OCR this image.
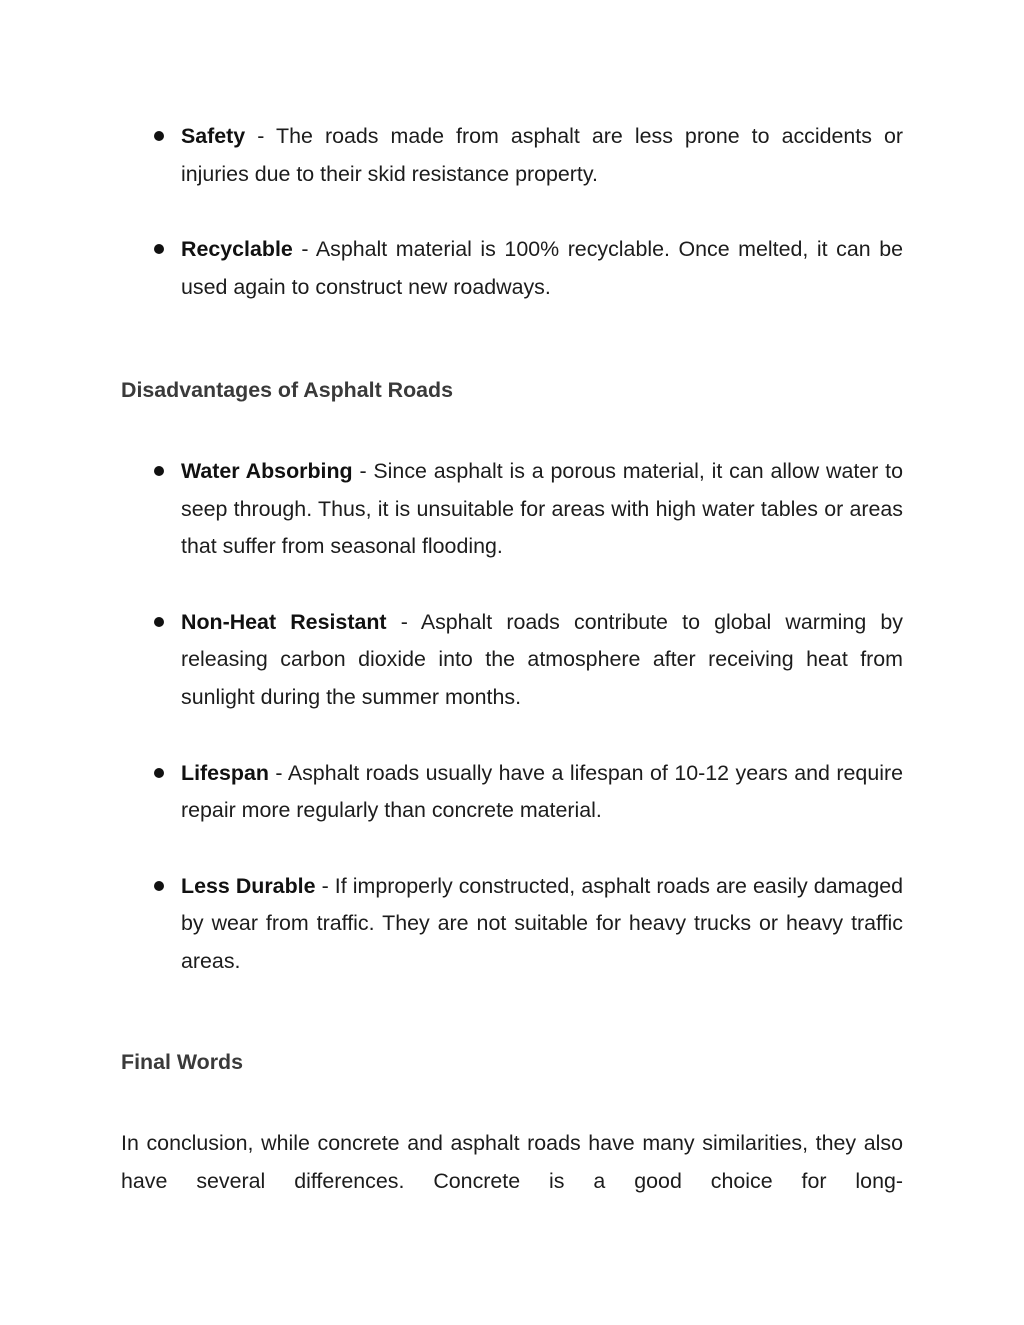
Safety - The roads made from asphalt are less prone to accidents or injuries due to their skid resistance property.
Recyclable - Asphalt material is 100% recyclable. Once melted, it can be used again to construct new roadways.
Disadvantages of Asphalt Roads
Water Absorbing - Since asphalt is a porous material, it can allow water to seep through. Thus, it is unsuitable for areas with high water tables or areas that suffer from seasonal flooding.
Non-Heat Resistant - Asphalt roads contribute to global warming by releasing carbon dioxide into the atmosphere after receiving heat from sunlight during the summer months.
Lifespan - Asphalt roads usually have a lifespan of 10-12 years and require repair more regularly than concrete material.
Less Durable - If improperly constructed, asphalt roads are easily damaged by wear from traffic. They are not suitable for heavy trucks or heavy traffic areas.
Final Words

In conclusion, while concrete and asphalt roads have many similarities, they also have several differences. Concrete is a good choice for long-
